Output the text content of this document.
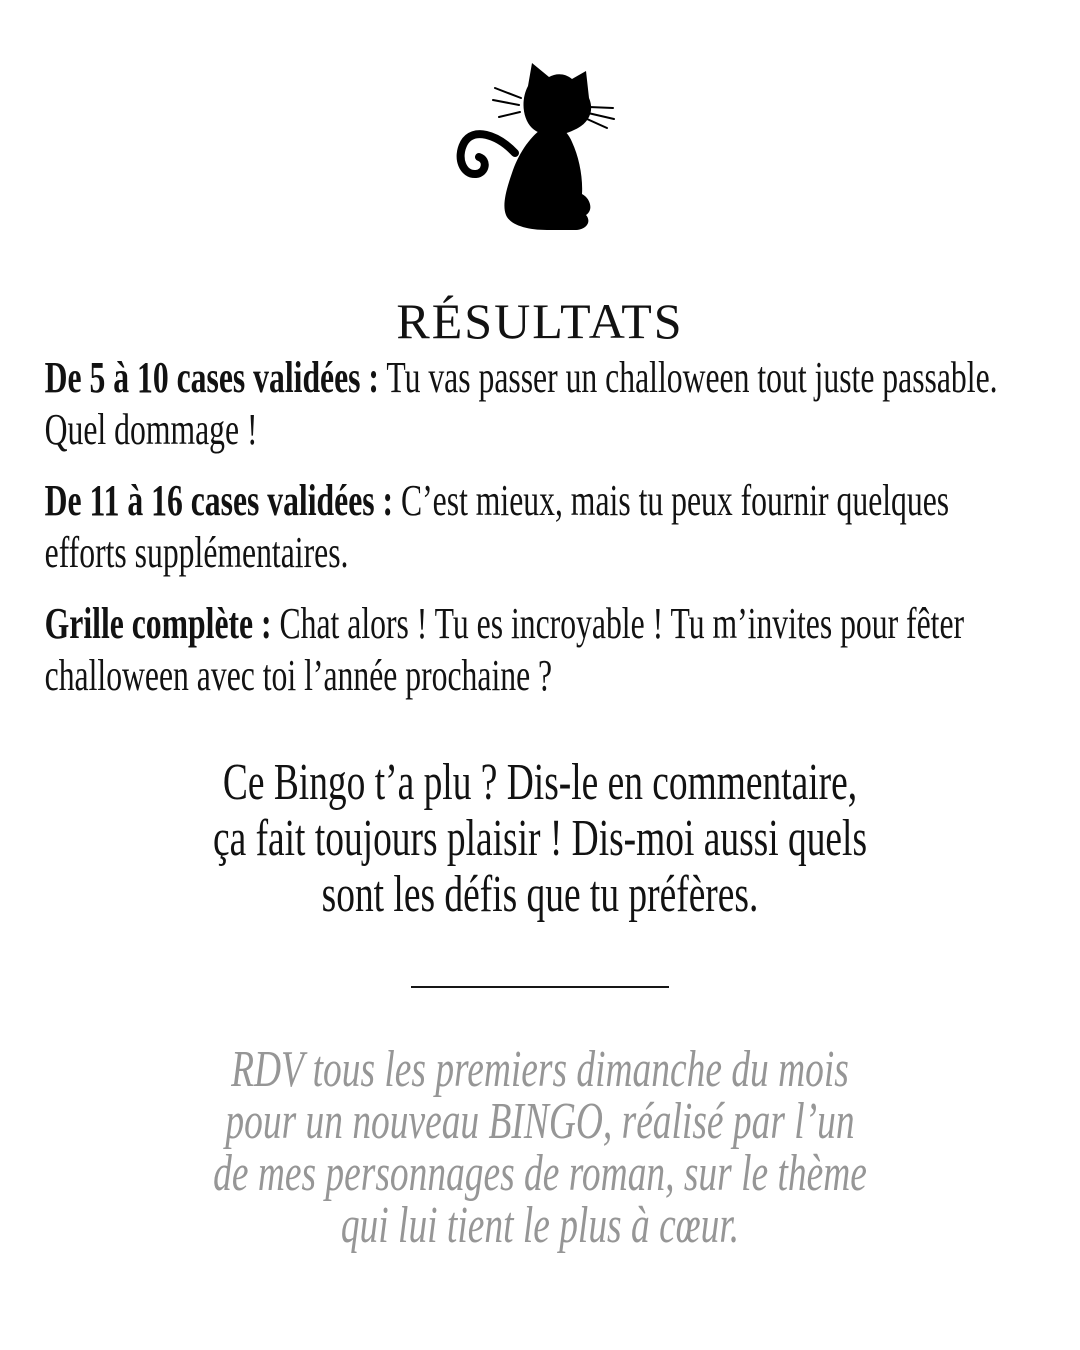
RÉSULTATS

De 5 à 10 cases validées : Tu vas passer un challoween tout juste passable. Quel dommage !

De 11 à 16 cases validées : C’est mieux, mais tu peux fournir quelques efforts supplémentaires.

Grille complète : Chat alors ! Tu es incroyable ! Tu m’invites pour fêter challoween avec toi l’année prochaine ?

Ce Bingo t’a plu ? Dis-le en commentaire,
ça fait toujours plaisir ! Dis-moi aussi quels
sont les défis que tu préfères.
RDV tous les premiers dimanche du mois
pour un nouveau BINGO, réalisé par l’un
de mes personnages de roman, sur le thème
qui lui tient le plus à cœur.
